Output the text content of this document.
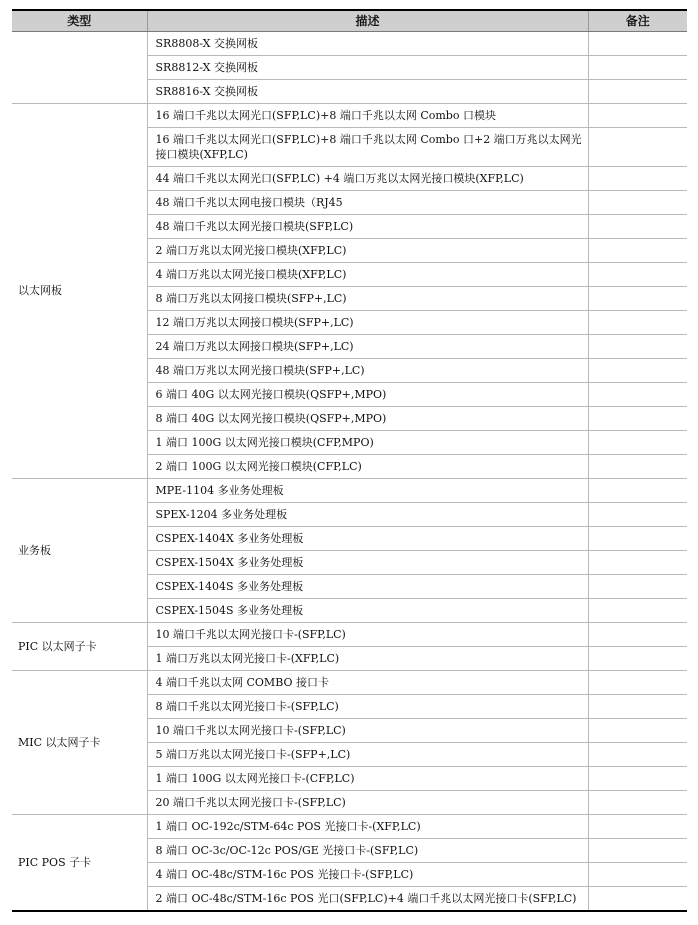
类型	描述	备注
	SR8808-X 交换网板	
	SR8812-X 交换网板	
	SR8816-X 交换网板	
以太网板	16 端口千兆以太网光口(SFP,LC)+8 端口千兆以太网 Combo 口模块	
	16 端口千兆以太网光口(SFP,LC)+8 端口千兆以太网 Combo 口+2 端口万兆以太网光接口模块(XFP,LC)	
	44 端口千兆以太网光口(SFP,LC) +4 端口万兆以太网光接口模块(XFP,LC)	
	48 端口千兆以太网电接口模块（RJ45	
	48 端口千兆以太网光接口模块(SFP,LC)	
	2 端口万兆以太网光接口模块(XFP,LC)	
	4 端口万兆以太网光接口模块(XFP,LC)	
	8 端口万兆以太网接口模块(SFP+,LC)	
	12 端口万兆以太网接口模块(SFP+,LC)	
	24 端口万兆以太网接口模块(SFP+,LC)	
	48 端口万兆以太网光接口模块(SFP+,LC)	
	6 端口 40G 以太网光接口模块(QSFP+,MPO)	
	8 端口 40G 以太网光接口模块(QSFP+,MPO)	
	1 端口 100G 以太网光接口模块(CFP,MPO)	
	2 端口 100G 以太网光接口模块(CFP,LC)	
业务板	MPE-1104 多业务处理板	
	SPEX-1204 多业务处理板	
	CSPEX-1404X 多业务处理板	
	CSPEX-1504X 多业务处理板	
	CSPEX-1404S 多业务处理板	
	CSPEX-1504S 多业务处理板	
PIC 以太网子卡	10 端口千兆以太网光接口卡-(SFP,LC)	
	1 端口万兆以太网光接口卡-(XFP,LC)	
MIC 以太网子卡	4 端口千兆以太网 COMBO 接口卡	
	8 端口千兆以太网光接口卡-(SFP,LC)	
	10 端口千兆以太网光接口卡-(SFP,LC)	
	5 端口万兆以太网光接口卡-(SFP+,LC)	
	1 端口 100G 以太网光接口卡-(CFP,LC)	
	20 端口千兆以太网光接口卡-(SFP,LC)	
PIC POS 子卡	1 端口 OC-192c/STM-64c POS 光接口卡-(XFP,LC)	
	8 端口 OC-3c/OC-12c POS/GE 光接口卡-(SFP,LC)	
	4 端口 OC-48c/STM-16c POS 光接口卡-(SFP,LC)	
	2 端口 OC-48c/STM-16c POS 光口(SFP,LC)+4 端口千兆以太网光接口卡(SFP,LC)	
